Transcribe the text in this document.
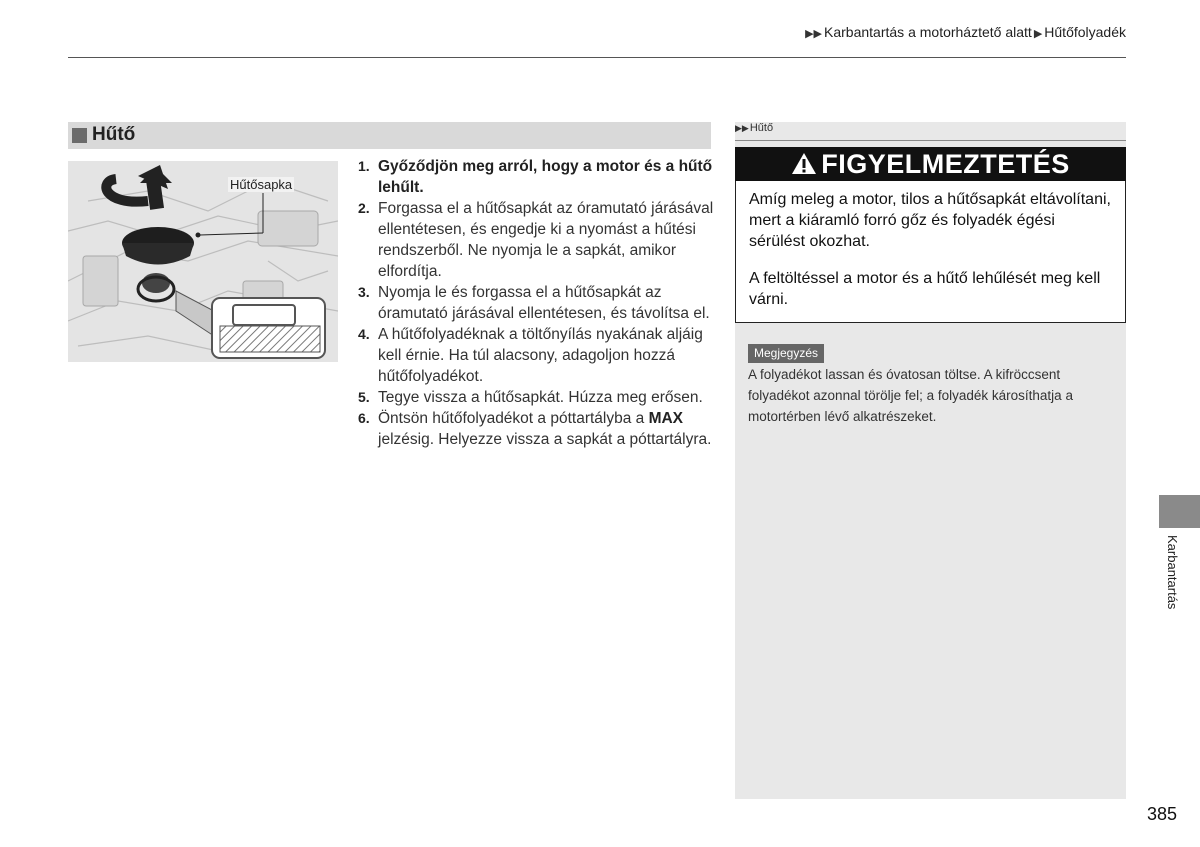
▶▶ Karbantartás a motorháztető alatt ▶ Hűtőfolyadék
Hűtő
Hűtősapka

1. Győződjön meg arról, hogy a motor és a hűtő lehűlt.

2. Forgassa el a hűtősapkát az óramutató járásával ellentétesen, és engedje ki a nyomást a hűtési rendszerből. Ne nyomja le a sapkát, amikor elfordítja.

3. Nyomja le és forgassa el a hűtősapkát az óramutató járásával ellentétesen, és távolítsa el.

4. A hűtőfolyadéknak a töltőnyílás nyakának aljáig kell érnie. Ha túl alacsony, adagoljon hozzá hűtőfolyadékot.

5. Tegye vissza a hűtősapkát. Húzza meg erősen.

6. Öntsön hűtőfolyadékot a póttartályba a MAX jelzésig. Helyezze vissza a sapkát a póttartályra.

▶▶Hűtő
FIGYELMEZTETÉS

Amíg meleg a motor, tilos a hűtősapkát eltávolítani, mert a kiáramló forró gőz és folyadék égési sérülést okozhat.

A feltöltéssel a motor és a hűtő lehűlését meg kell várni.

Megjegyzés
A folyadékot lassan és óvatosan töltse. A kifröccsent folyadékot azonnal törölje fel; a folyadék károsíthatja a motortérben lévő alkatrészeket.
Karbantartás
385
